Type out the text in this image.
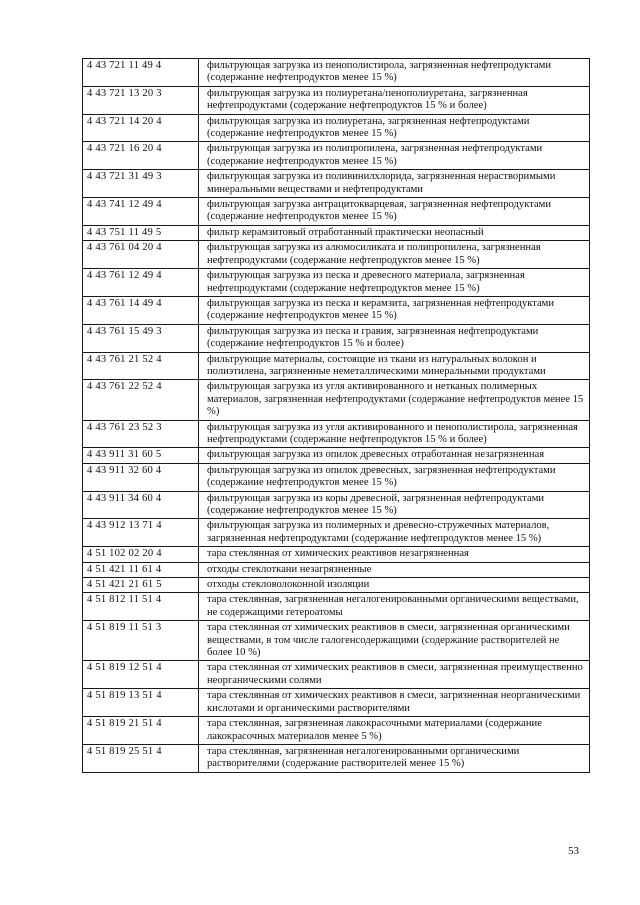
4 43 721 11 49 4	фильтрующая загрузка из пенополистирола, загрязненная нефтепродуктами (содержание нефтепродуктов менее 15 %)
4 43 721 13 20 3	фильтрующая загрузка из полиуретана/пенополиуретана, загрязненная нефтепродуктами (содержание нефтепродуктов 15 % и более)
4 43 721 14 20 4	фильтрующая загрузка из полиуретана, загрязненная нефтепродуктами (содержание нефтепродуктов менее 15 %)
4 43 721 16 20 4	фильтрующая загрузка из полипропилена, загрязненная нефтепродуктами (содержание нефтепродуктов менее 15 %)
4 43 721 31 49 3	фильтрующая загрузка из поливинилхлорида, загрязненная нерастворимыми минеральными веществами и нефтепродуктами
4 43 741 12 49 4	фильтрующая загрузка антрацитокварцевая, загрязненная нефтепродуктами (содержание нефтепродуктов менее 15 %)
4 43 751 11 49 5	фильтр керамзитовый отработанный практически неопасный
4 43 761 04 20 4	фильтрующая загрузка из алюмосиликата и полипропилена, загрязненная нефтепродуктами (содержание нефтепродуктов менее 15 %)
4 43 761 12 49 4	фильтрующая загрузка из песка и древесного материала, загрязненная нефтепродуктами (содержание нефтепродуктов менее 15 %)
4 43 761 14 49 4	фильтрующая загрузка из песка и керамзита, загрязненная нефтепродуктами (содержание нефтепродуктов менее 15 %)
4 43 761 15 49 3	фильтрующая загрузка из песка и гравия, загрязненная нефтепродуктами (содержание нефтепродуктов 15 % и более)
4 43 761 21 52 4	фильтрующие материалы, состоящие из ткани из натуральных волокон и полиэтилена, загрязненные неметаллическими минеральными продуктами
4 43 761 22 52 4	фильтрующая загрузка из угля активированного и нетканых полимерных материалов, загрязненная нефтепродуктами (содержание нефтепродуктов менее 15 %)
4 43 761 23 52 3	фильтрующая загрузка из угля активированного и пенополистирола, загрязненная нефтепродуктами (содержание нефтепродуктов 15 % и более)
4 43 911 31 60 5	фильтрующая загрузка из опилок древесных отработанная незагрязненная
4 43 911 32 60 4	фильтрующая загрузка из опилок древесных, загрязненная нефтепродуктами (содержание нефтепродуктов менее 15 %)
4 43 911 34 60 4	фильтрующая загрузка из коры древесной, загрязненная нефтепродуктами (содержание нефтепродуктов менее 15 %)
4 43 912 13 71 4	фильтрующая загрузка из полимерных и древесно-стружечных материалов, загрязненная нефтепродуктами (содержание нефтепродуктов менее 15 %)
4 51 102 02 20 4	тара стеклянная от химических реактивов незагрязненная
4 51 421 11 61 4	отходы стеклоткани незагрязненные
4 51 421 21 61 5	отходы стекловолоконной изоляции
4 51 812 11 51 4	тара стеклянная, загрязненная негалогенированными органическими веществами, не содержащими гетероатомы
4 51 819 11 51 3	тара стеклянная от химических реактивов в смеси, загрязненная органическими веществами, в том числе галогенсодержащими (содержание растворителей не более 10 %)
4 51 819 12 51 4	тара стеклянная от химических реактивов в смеси, загрязненная преимущественно неорганическими солями
4 51 819 13 51 4	тара стеклянная от химических реактивов в смеси, загрязненная неорганическими кислотами и органическими растворителями
4 51 819 21 51 4	тара стеклянная, загрязненная лакокрасочными материалами (содержание лакокрасочных материалов менее 5 %)
4 51 819 25 51 4	тара стеклянная, загрязненная негалогенированными органическими растворителями (содержание растворителей менее 15 %)
53
